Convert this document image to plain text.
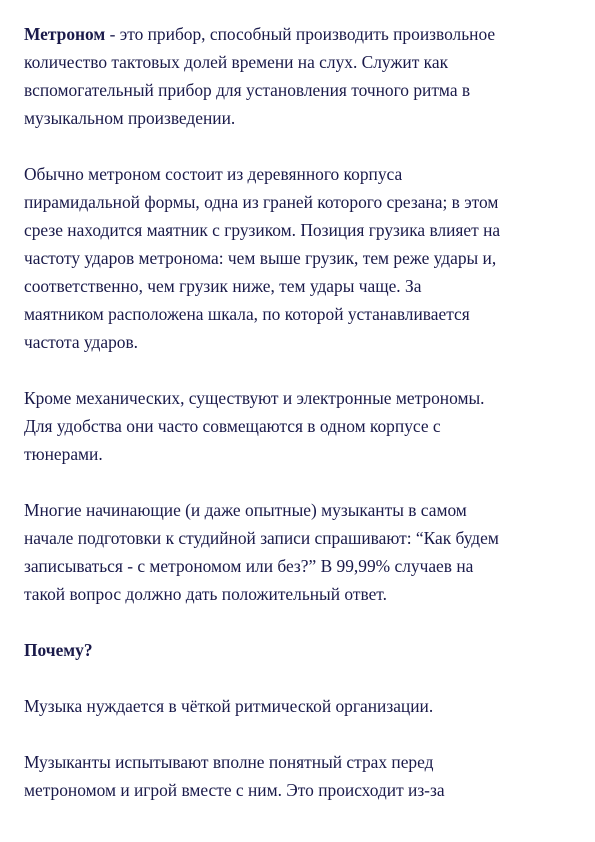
Метроном - это прибор, способный производить произвольное
количество тактовых долей времени на слух. Служит как
вспомогательный прибор для установления точного ритма в
музыкальном произведении.

Обычно метроном состоит из деревянного корпуса
пирамидальной формы, одна из граней которого срезана; в этом
срезе находится маятник с грузиком. Позиция грузика влияет на
частоту ударов метронома: чем выше грузик, тем реже удары и,
соответственно, чем грузик ниже, тем удары чаще. За
маятником расположена шкала, по которой устанавливается
частота ударов.

Кроме механических, существуют и электронные метрономы.
Для удобства они часто совмещаются в одном корпусе с
тюнерами.

Многие начинающие (и даже опытные) музыканты в самом
начале подготовки к студийной записи спрашивают: “Как будем
записываться - с метрономом или без?” В 99,99% случаев на
такой вопрос должно дать положительный ответ.

Почему?

Музыка нуждается в чёткой ритмической организации.

Музыканты испытывают вполне понятный страх перед
метрономом и игрой вместе с ним. Это происходит из-за
